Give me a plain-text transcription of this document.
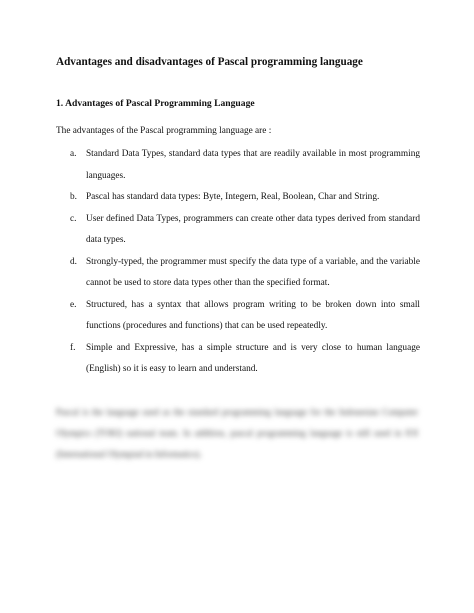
Advantages and disadvantages of Pascal programming language
1. Advantages of Pascal Programming Language
The advantages of the Pascal programming language are :
a. Standard Data Types, standard data types that are readily available in most programming languages.
b. Pascal has standard data types: Byte, Integern, Real, Boolean, Char and String.
c. User defined Data Types, programmers can create other data types derived from standard data types.
d. Strongly-typed, the programmer must specify the data type of a variable, and the variable cannot be used to store data types other than the specified format.
e. Structured, has a syntax that allows program writing to be broken down into small functions (procedures and functions) that can be used repeatedly.
f. Simple and Expressive, has a simple structure and is very close to human language (English) so it is easy to learn and understand.
Pascal is the language used as the standard programming language for the Indonesian Computer Olympics (TOKI) national team. In addition, pascal programming language is still used in IOI (International Olympiad in Informatics).
